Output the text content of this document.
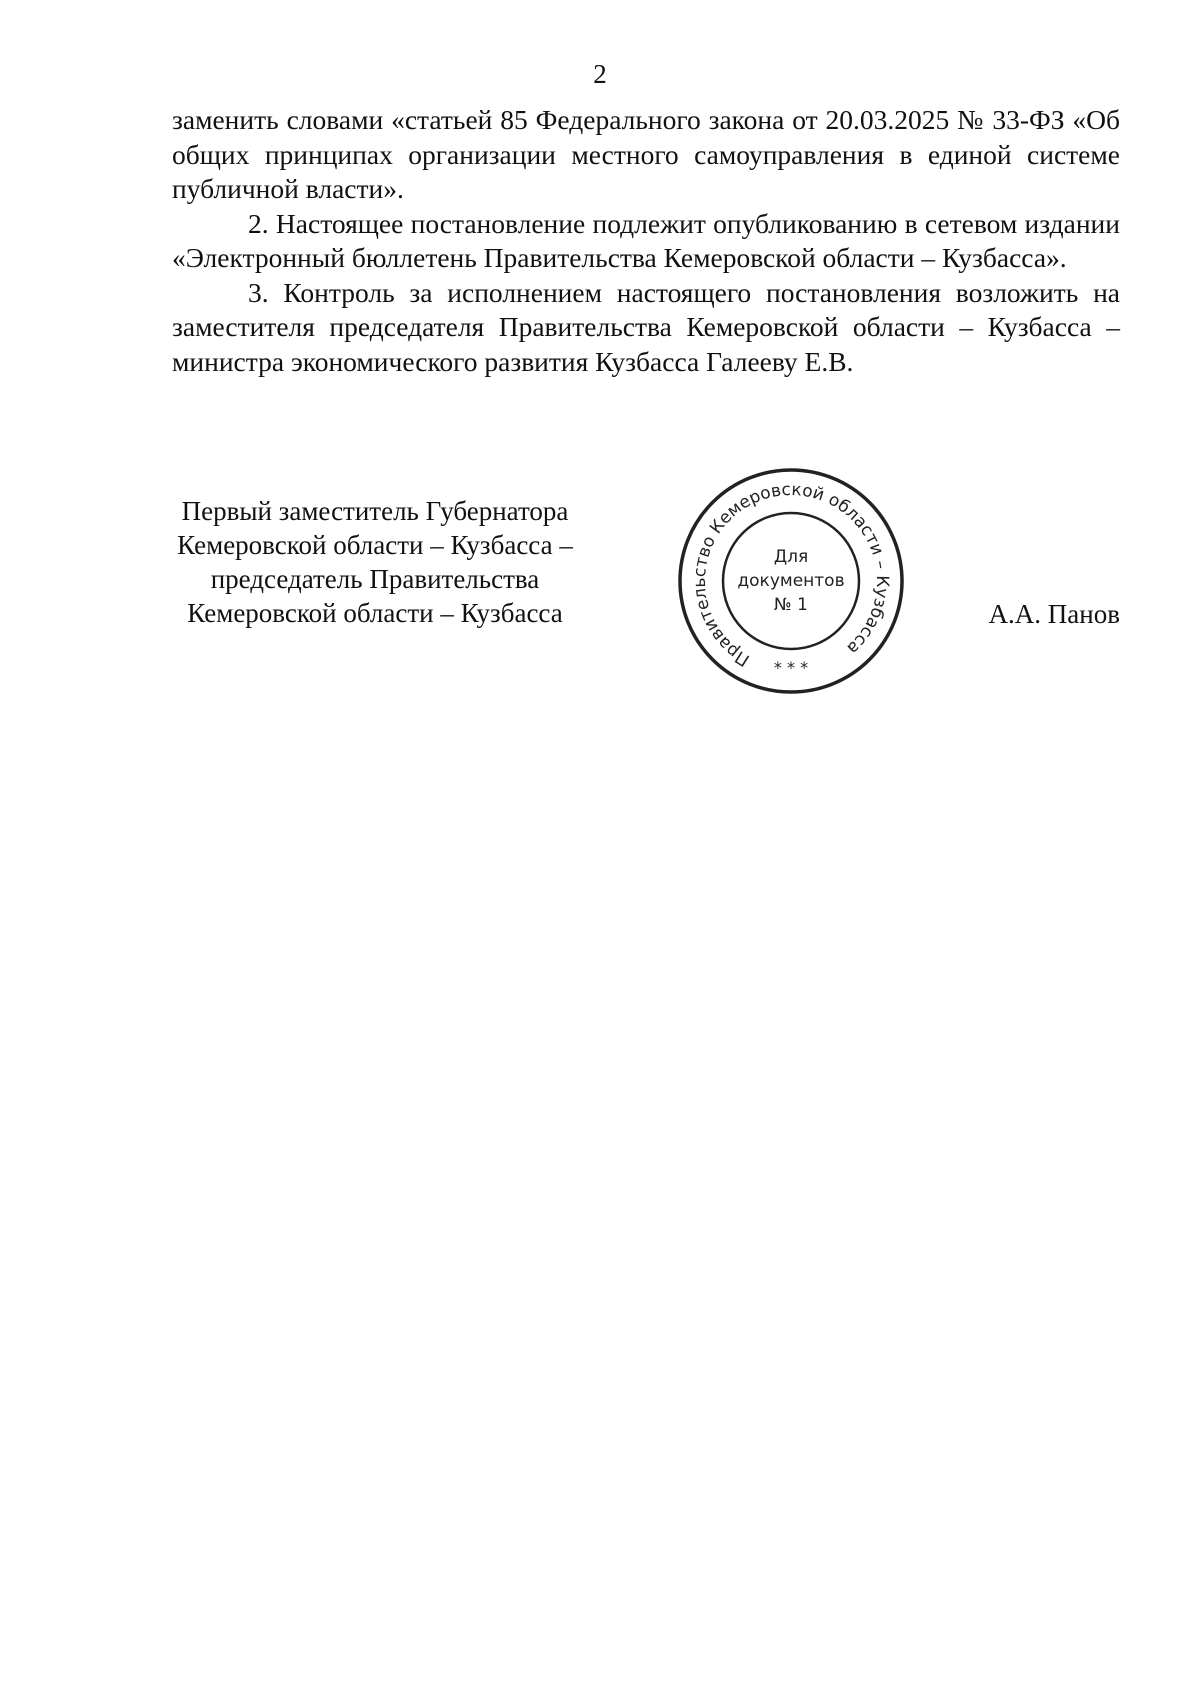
2

заменить словами «статьей 85 Федерального закона от 20.03.2025 № 33-ФЗ «Об общих принципах организации местного самоуправления в единой системе публичной власти».

2. Настоящее постановление подлежит опубликованию в сетевом издании «Электронный бюллетень Правительства Кемеровской области – Кузбасса».

3. Контроль за исполнением настоящего постановления возложить на заместителя председателя Правительства Кемеровской области – Кузбасса – министра экономического развития Кузбасса Галееву Е.В.

Первый заместитель Губернатора
Кемеровской области – Кузбасса –
председатель Правительства
Кемеровской области – Кузбасса
Правительство Кемеровской области – Кузбасса
* * *
Для
документов
№ 1	А.А. Панов
